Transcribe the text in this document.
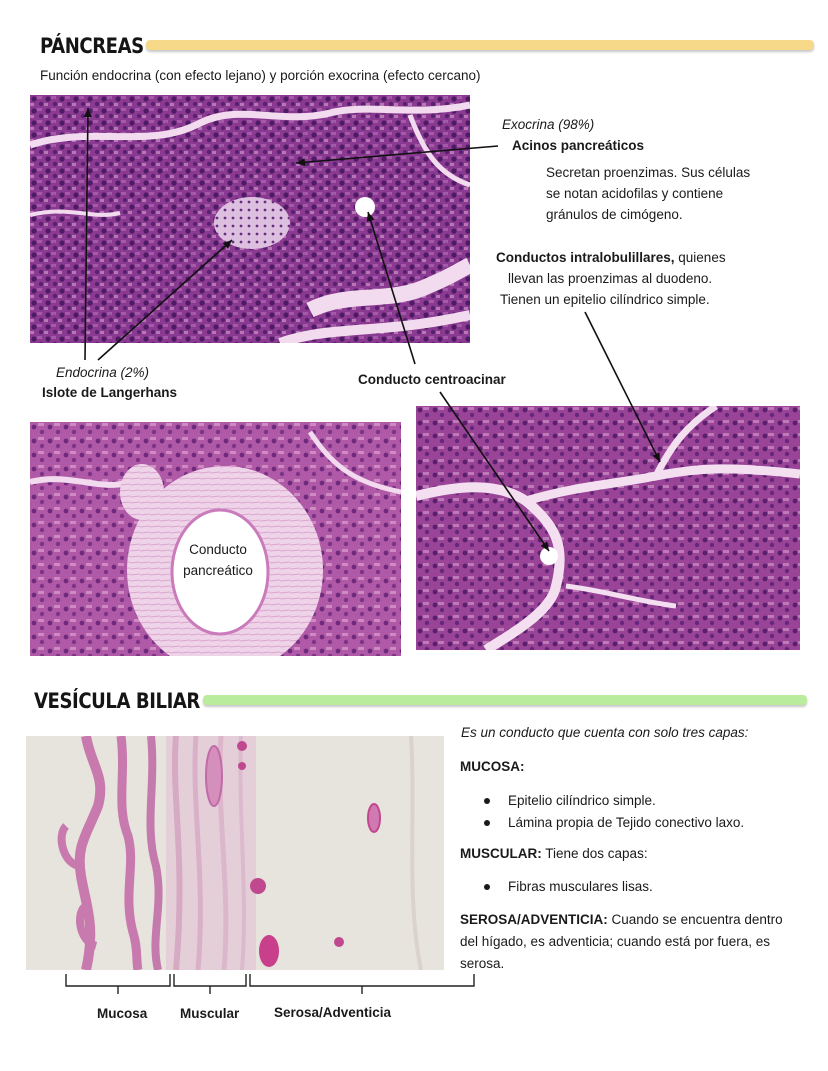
PÁNCREAS
Función endocrina (con efecto lejano) y porción exocrina (efecto cercano)
Exocrina (98%)
Acinos pancreáticos
Secretan proenzimas. Sus células
se notan acidofilas y contiene
gránulos de cimógeno.
Conductos intralobulillares, quienes
llevan las proenzimas al duodeno.
Tienen un epitelio cilíndrico simple.
Endocrina (2%)
Islote de Langerhans
Conducto centroacinar
Conducto
pancreático
VESÍCULA BILIAR
Mucosa Muscular	Serosa/Adventicia
Es un conducto que cuenta con solo tres capas:
MUCOSA:
Epitelio cilíndrico simple.
Lámina propia de Tejido conectivo laxo.
MUSCULAR: Tiene dos capas:
Fibras musculares lisas.
SEROSA/ADVENTICIA: Cuando se encuentra dentro
del hígado, es adventicia; cuando está por fuera, es
serosa.
